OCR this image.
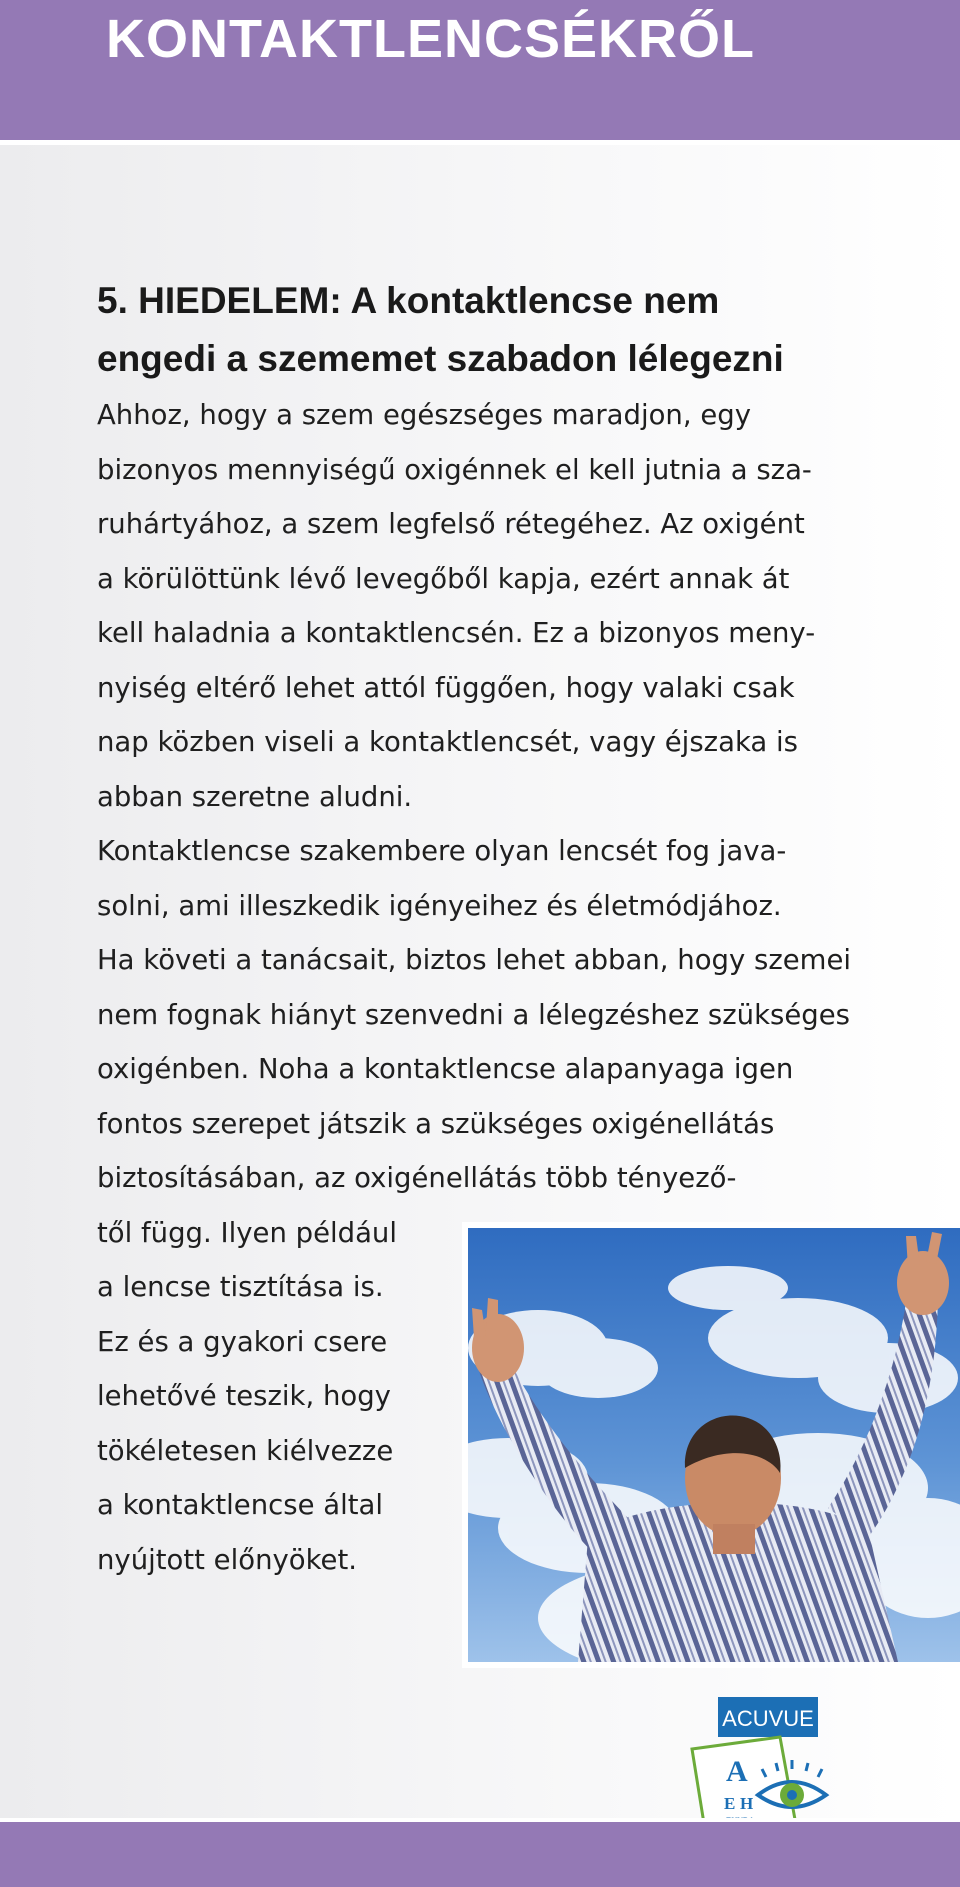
KONTAKTLENCSÉKRŐL
5. HIEDELEM: A kontaktlencse nem
engedi a szememet szabadon lélegezni
Ahhoz, hogy a szem egészséges maradjon, egy
bizonyos mennyiségű oxigénnek el kell jutnia a sza-
ruhártyához, a szem legfelső rétegéhez. Az oxigént
a körülöttünk lévő levegőből kapja, ezért annak át
kell haladnia a kontaktlencsén. Ez a bizonyos meny-
nyiség eltérő lehet attól függően, hogy valaki csak
nap közben viseli a kontaktlencsét, vagy éjszaka is
abban szeretne aludni.
Kontaktlencse szakembere olyan lencsét fog java-
solni, ami illeszkedik igényeihez és életmódjához.
Ha követi a tanácsait, biztos lehet abban, hogy szemei
nem fognak hiányt szenvedni a lélegzéshez szükséges
oxigénben. Noha a kontaktlencse alapanyaga igen
fontos szerepet játszik a szükséges oxigénellátás
biztosításában, az oxigénellátás több tényező-
től függ. Ilyen például
a lencse tisztítása is.
Ez és a gyakori csere
lehetővé teszik, hogy
tökéletesen kiélvezze
a kontaktlencse által
nyújtott előnyöket.
ACUVUE
A
E H
